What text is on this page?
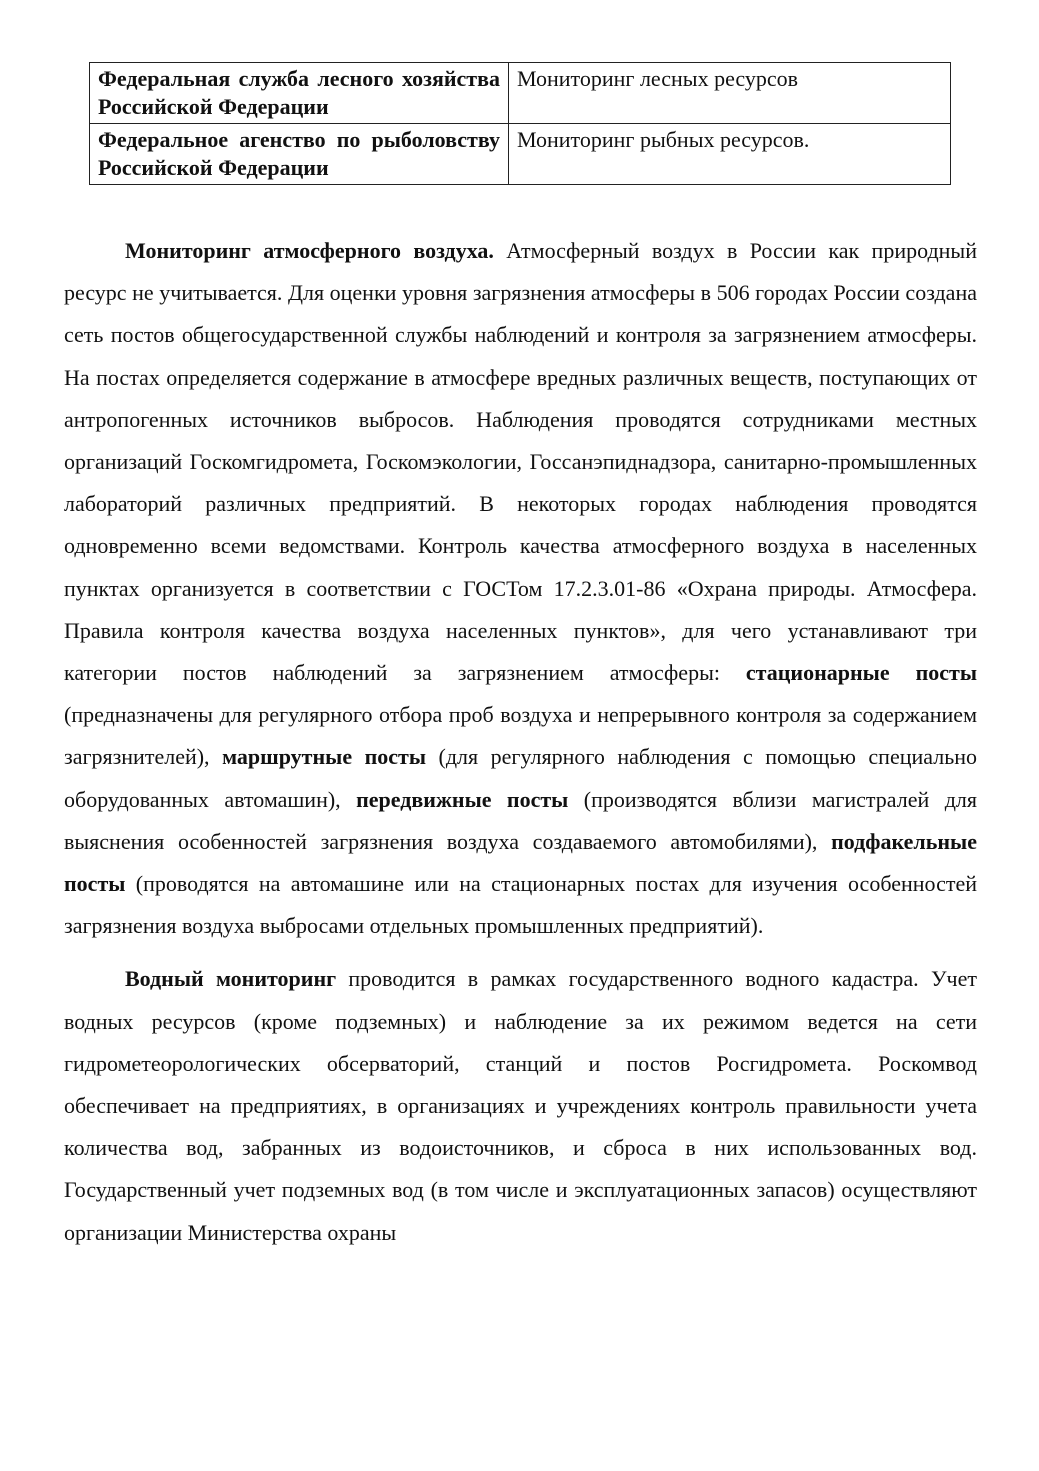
Федеральная служба лесного хозяйства Российской Федерации	Мониторинг лесных ресурсов
Федеральное агенство по рыболовству Российской Федерации	Мониторинг рыбных ресурсов.

Мониторинг атмосферного воздуха. Атмосферный воздух в России как природный ресурс не учитывается. Для оценки уровня загрязнения атмосферы в 506 городах России создана сеть постов общегосударственной службы наблюдений и контроля за загрязнением атмосферы. На постах определяется содержание в атмосфере вредных различных веществ, поступающих от антропогенных источников выбросов. Наблюдения проводятся сотрудниками местных организаций Госкомгидромета, Госкомэкологии, Госсанэпиднадзора, санитарно-промышленных лабораторий различных предприятий. В некоторых городах наблюдения проводятся одновременно всеми ведомствами. Контроль качества атмосферного воздуха в населенных пунктах организуется в соответствии с ГОСТом 17.2.3.01-86 «Охрана природы. Атмосфера. Правила контроля качества воздуха населенных пунктов», для чего устанавливают три категории постов наблюдений за загрязнением атмосферы: стационарные посты (предназначены для регулярного отбора проб воздуха и непрерывного контроля за содержанием загрязнителей), маршрутные посты (для регулярного наблюдения с помощью специально оборудованных автомашин), передвижные посты (производятся вблизи магистралей для выяснения особенностей загрязнения воздуха создаваемого автомобилями), подфакельные посты (проводятся на автомашине или на стационарных постах для изучения особенностей загрязнения воздуха выбросами отдельных промышленных предприятий).

Водный мониторинг проводится в рамках государственного водного кадастра. Учет водных ресурсов (кроме подземных) и наблюдение за их режимом ведется на сети гидрометеорологических обсерваторий, станций и постов Росгидромета. Роскомвод обеспечивает на предприятиях, в организациях и учреждениях контроль правильности учета количества вод, забранных из водоисточников, и сброса в них использованных вод. Государственный учет подземных вод (в том числе и эксплуатационных запасов) осуществляют организации Министерства охраны
